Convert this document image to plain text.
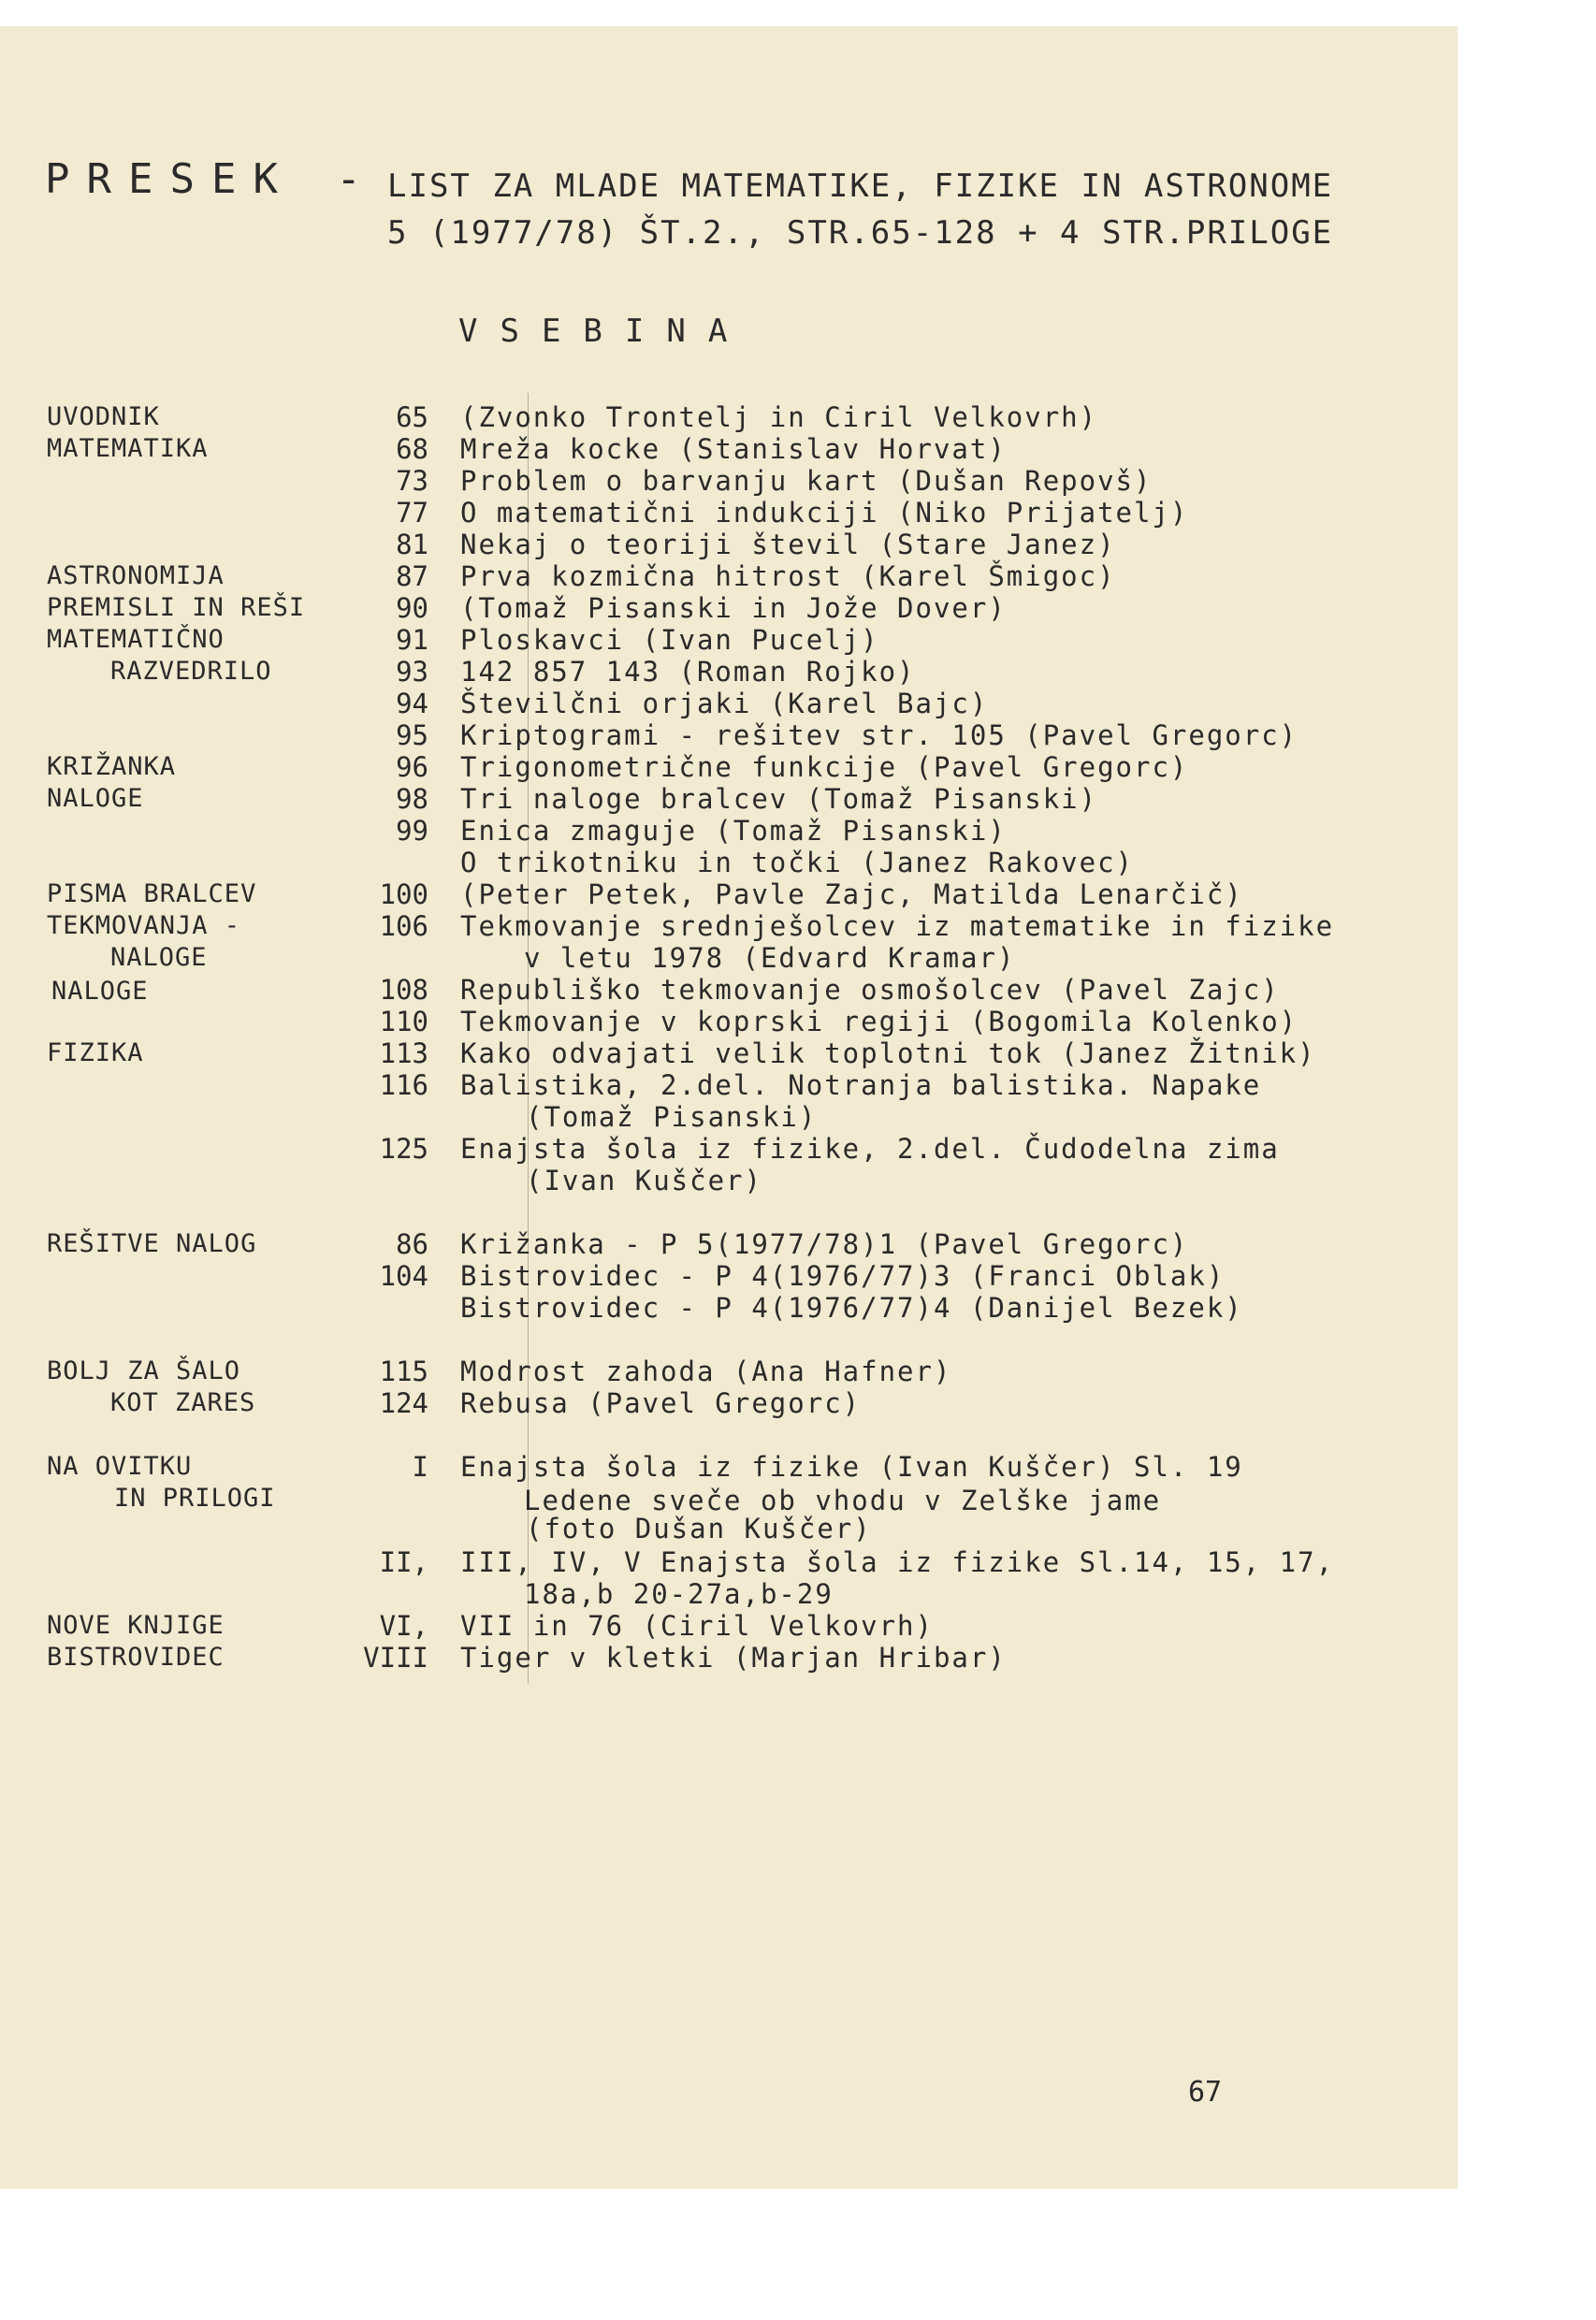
PRESEK - LIST ZA MLADE MATEMATIKE, FIZIKE IN ASTRONOME
5 (1977/78) ŠT.2., STR.65-128 + 4 STR.PRILOGE
VSEBINA
UVODNIK
MATEMATIKA
ASTRONOMIJA
PREMISLI IN REŠI
MATEMATIČNO
RAZVEDRILO
KRIŽANKA
NALOGE
PISMA BRALCEV
TEKMOVANJA -
NALOGE
NALOGE
FIZIKA
REŠITVE NALOG
BOLJ ZA ŠALO
KOT ZARES
NA OVITKU
IN PRILOGI
NOVE KNJIGE
BISTROVIDEC
65
68
73
77
81
87
90
91
93
94
95
96
98
99
100
106
108
110
113
116
125
86
104
115
124
I
II,
VI,
VIII
(Zvonko Trontelj in Ciril Velkovrh)
Mreža kocke (Stanislav Horvat)
Problem o barvanju kart (Dušan Repovš)
O matematični indukciji (Niko Prijatelj)
Nekaj o teoriji števil (Stare Janez)
Prva kozmična hitrost (Karel Šmigoc)
(Tomaž Pisanski in Jože Dover)
Ploskavci (Ivan Pucelj)
142 857 143 (Roman Rojko)
Številčni orjaki (Karel Bajc)
Kriptogrami - rešitev str. 105 (Pavel Gregorc)
Trigonometrične funkcije (Pavel Gregorc)
Tri naloge bralcev (Tomaž Pisanski)
Enica zmaguje (Tomaž Pisanski)
O trikotniku in točki (Janez Rakovec)
(Peter Petek, Pavle Zajc, Matilda Lenarčič)
Tekmovanje srednješolcev iz matematike in fizike
v letu 1978 (Edvard Kramar)
Republiško tekmovanje osmošolcev (Pavel Zajc)
Tekmovanje v koprski regiji (Bogomila Kolenko)
Kako odvajati velik toplotni tok (Janez Žitnik)
Balistika, 2.del. Notranja balistika. Napake
(Tomaž Pisanski)
Enajsta šola iz fizike, 2.del. Čudodelna zima
(Ivan Kuščer)
Križanka - P 5(1977/78)1 (Pavel Gregorc)
Bistrovidec - P 4(1976/77)3 (Franci Oblak)
Bistrovidec - P 4(1976/77)4 (Danijel Bezek)
Modrost zahoda (Ana Hafner)
Rebusa (Pavel Gregorc)
Enajsta šola iz fizike (Ivan Kuščer) Sl. 19
Ledene sveče ob vhodu v Zelške jame
(foto Dušan Kuščer)
III, IV, V Enajsta šola iz fizike Sl.14, 15, 17,
18a,b 20-27a,b-29
VII in 76 (Ciril Velkovrh)
Tiger v kletki (Marjan Hribar)
67
